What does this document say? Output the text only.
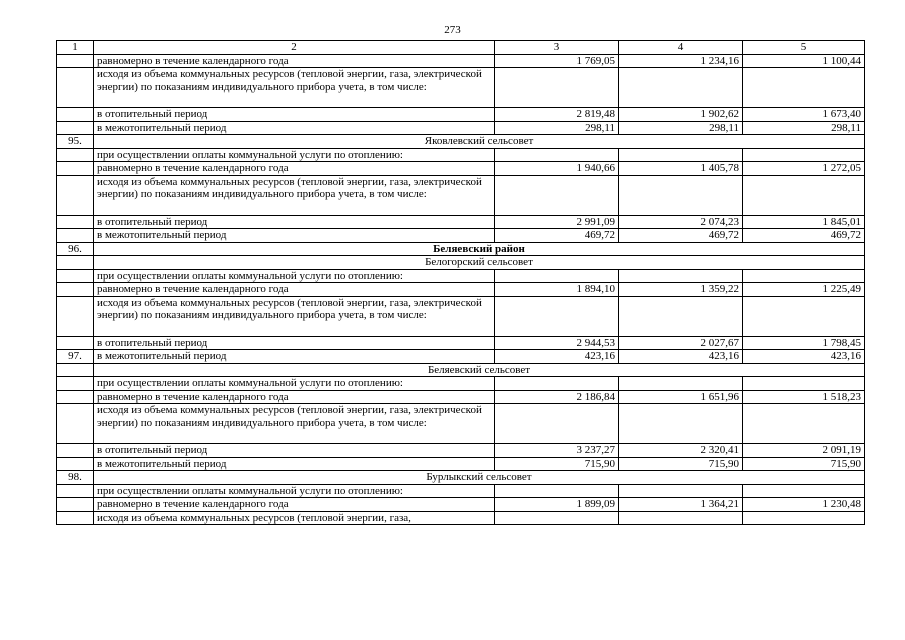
273
1	2	3	4	5
	равномерно в течение календарного года	1 769,05	1 234,16	1 100,44
	исходя из объема коммунальных ресурсов (тепловой энергии, газа, электрической энергии) по показаниям индивидуального прибора учета, в том числе:			
	в отопительный период	2 819,48	1 902,62	1 673,40
	в межотопительный период	298,11	298,11	298,11
95.	Яковлевский сельсовет			
	при осуществлении оплаты коммунальной услуги по отоплению:			
	равномерно в течение календарного года	1 940,66	1 405,78	1 272,05
	исходя из объема коммунальных ресурсов (тепловой энергии, газа, электрической энергии) по показаниям индивидуального прибора учета, в том числе:			
	в отопительный период	2 991,09	2 074,23	1 845,01
	в межотопительный период	469,72	469,72	469,72
96.	Беляевский район			
	Белогорский сельсовет			
	при осуществлении оплаты коммунальной услуги по отоплению:			
	равномерно в течение календарного года	1 894,10	1 359,22	1 225,49
	исходя из объема коммунальных ресурсов (тепловой энергии, газа, электрической энергии) по показаниям индивидуального прибора учета, в том числе:			
	в отопительный период	2 944,53	2 027,67	1 798,45
97.	в межотопительный период	423,16	423,16	423,16
	Беляевский сельсовет			
	при осуществлении оплаты коммунальной услуги по отоплению:			
	равномерно в течение календарного года	2 186,84	1 651,96	1 518,23
	исходя из объема коммунальных ресурсов (тепловой энергии, газа, электрической энергии) по показаниям индивидуального прибора учета, в том числе:			
	в отопительный период	3 237,27	2 320,41	2 091,19
	в межотопительный период	715,90	715,90	715,90
98.	Бурлыкский сельсовет			
	при осуществлении оплаты коммунальной услуги по отоплению:			
	равномерно в течение календарного года	1 899,09	1 364,21	1 230,48
	исходя из объема коммунальных ресурсов (тепловой энергии, газа,			
